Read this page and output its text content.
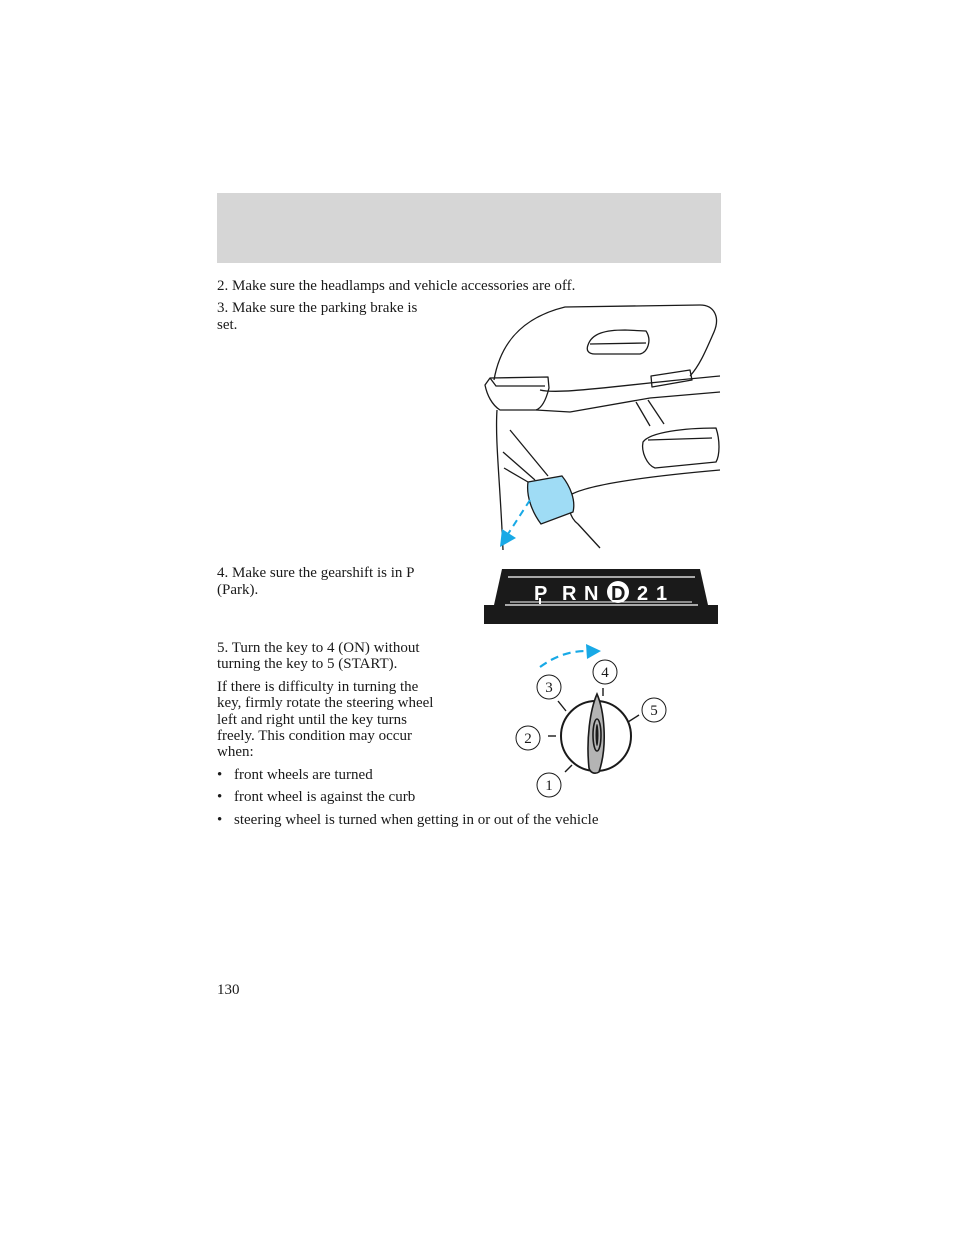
2. Make sure the headlamps and vehicle accessories are off.

3. Make sure the parking brake is

set.

4. Make sure the gearshift is in P

(Park).	P R N D 2 1

5. Turn the key to 4 (ON) without

turning the key to 5 (START).

If there is difficulty in turning the

key, firmly rotate the steering wheel

left and right until the key turns

freely. This condition may occur

when:

• front wheels are turned
• front wheel is against the curb
• steering wheel is turned when getting in or out of the vehicle
1
2
3
4
5
130
